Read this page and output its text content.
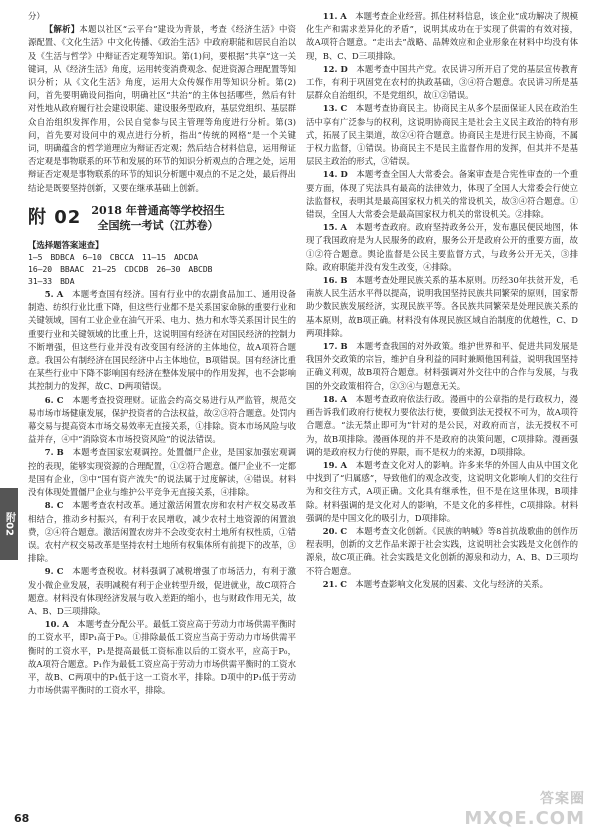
分）

【解析】本题以社区“云平台”建设为背景，考查《经济生活》中资源配置、《文化生活》中文化传播、《政治生活》中政府职能和居民自治以及《生活与哲学》中辩证否定观等知识。第(1)问，要根据“共享”这一关键词，从《经济生活》角度，运用转变消费观念、促进资源合理配置等知识分析；从《文化生活》角度，运用大众传媒作用等知识分析。第(2)问，首先要明确设问指向，明确社区“共治”的主体包括哪些，然后有针对性地从政府履行社会建设职能、建设服务型政府，基层党组织、基层群众自治组织发挥作用，公民自觉参与民主管理等角度进行分析。第(3)问，首先要对设问中的观点进行分析，指出“传统的网格”是一个关键词，明确蕴含的哲学道理应为辩证否定观；然后结合材料信息，运用辩证否定观是事物联系的环节和发展的环节的知识分析观点的合理之处，运用辩证否定观是事物联系的环节的知识分析题中观点的不足之处，最后得出结论是既要坚持创新，又要在继承基础上创新。

附 02 2018 年普通高等学校招生
全国统一考试（江苏卷）
【选择题答案速查】
1—5　BDBCA　6—10　CBCCA　11—15　ADCDA
16—20　BBAAC　21—25　CDCDB　26—30　ABCDB
31—33　BDA

5. A　 本题考查国有经济。国有行业中的农副食品加工、通用设备制造、纺织行业比重下降，但这些行业都不是关系国家命脉的重要行业和关键领域，国有工业企业在油气开采、电力、热力和水等关系国计民生的重要行业和关键领域的比重上升，这说明国有经济在对国民经济的控制力不断增强，但这些行业并没有改变国有经济的主体地位，故A项符合题意。我国公有制经济在国民经济中占主体地位，B项错误。国有经济比重在某些行业中下降不影响国有经济在整体发展中的作用发挥，也不会影响其控制力的发挥，故C、D两项错误。

6. C　 本题考查投资理财。证监会约高交易进行从严监管，规范交易市场市场健康发展，保护投资者的合法权益，故②③符合题意。处罚内幕交易与提高资本市场交易效率无直接关系，①排除。资本市场风险与收益并存，④中“消除资本市场投资风险”的说法错误。

7. B　 本题考查国家宏观调控。处置僵尸企业，是国家加强宏观调控的表现，能够实现资源的合理配置，①②符合题意。僵尸企业不一定都是国有企业，③中“国有资产流失”的说法属于过度解读，④错误。材料没有体现处置僵尸企业与维护公平竞争无直接关系，④排除。

8. C　 本题考查农村改革。通过激活闲置农房和农村产权交易改革相结合，推动乡村振兴，有利于农民增收，减少农村土地资源的闲置浪费，②④符合题意。激活闲置农房并不会改变农村土地所有权性质，①错误。农村产权交易改革是坚持农村土地所有权集体所有前提下的改革，③排除。

9. C　 本题考查税收。材料强调了减税增强了市场活力，有利于激发小微企业发展，表明减税有利于企业转型升级，促进就业，故C项符合题意。材料没有体现经济发展与收入差距的缩小，也与财政作用无关，故A、B、D三项排除。

10. A　 本题考查分配公平。最低工资应高于劳动力市场供需平衡时的工资水平，即P₁高于P₀。①排除最低工资应当高于劳动力市场供需平衡时的工资水平，P₁是提高最低工资标准以后的工资水平，应高于P₀，故A项符合题意。P₁作为最低工资应高于劳动力市场供需平衡时的工资水平，故B、C两项中的P₁低于这一工资水平，排除。D项中的P₁低于劳动力市场供需平衡时的工资水平，排除。

11. A　 本题考查企业经营。抓住材料信息，该企业“成功解决了规模化生产和需求差异化的矛盾”，说明其成功在于实现了供需的有效对接，故A项符合题意。“走出去”战略、品牌效应和企业形象在材料中均没有体现，B、C、D三项排除。

12. D　 本题考查中国共产党。农民讲习所开启了党的基层宣传教育工作，有利于巩固党在农村的执政基础，③④符合题意。农民讲习所是基层群众自治组织，不是党组织，故①②错误。

13. C　 本题考查协商民主。协商民主从多个层面保证人民在政治生活中享有广泛参与的权利，这说明协商民主是社会主义民主政治的特有形式，拓展了民主渠道，故②④符合题意。协商民主是进行民主协商，不属于权力监督，①错误。协商民主不是民主监督作用的发挥，但其并不是基层民主政治的形式，③错误。

14. D　 本题考查全国人大常委会。备案审查是合宪性审查的一个重要方面，体现了宪法具有最高的法律效力，体现了全国人大常委会行使立法监督权，表明其是最高国家权力机关的常设机关，故③④符合题意。①错误，全国人大常委会是最高国家权力机关的常设机关。②排除。

15. A　 本题考查政府。政府坚持政务公开，发布惠民便民地图，体现了我国政府是为人民服务的政府，服务公开是政府公开的重要方面，故①②符合题意。舆论监督是公民主要监督方式，与政务公开无关，③排除。政府职能并没有发生改变，④排除。

16. B　 本题考查处理民族关系的基本原则。历经30年扶贫开发，毛南族人民生活水平得以提高，说明我国坚持民族共同繁荣的原则，国家帮助少数民族发展经济，实现民族平等。各民族共同繁荣是处理民族关系的基本原则，故B项正确。材料没有体现民族区域自治制度的优越性，C、D两项排除。

17. B　 本题考查我国的对外政策。维护世界和平、促进共同发展是我国外交政策的宗旨，维护自身利益的同时兼顾他国利益，说明我国坚持正确义利观，故B项符合题意。材料强调对外交往中的合作与发展，与我国的外交政策相符合，②③④与题意无关。

18. A　 本题考查政府依法行政。漫画中的公章指的是行政权力，漫画告诉我们政府行使权力要依法行使，要做到法无授权不可为，故A项符合题意。“法无禁止即可为”针对的是公民，对政府而言，法无授权不可为，故B项排除。漫画体现的并不是政府的决策问题，C项排除。漫画强调的是政府权力行使的界限，而不是权力的来源，D项排除。

19. A　 本题考查文化对人的影响。许多来华的外国人由从中国文化中找到了“归属感”，导致他们的观念改变，这说明文化影响人们的交往行为和交往方式，A项正确。文化具有继承性，但不是在这里体现，B项排除。材料强调的是文化对人的影响，不是文化的多样性，C项排除。材料强调的是中国文化的吸引力，D项排除。

20. C　 本题考查文化创新。《民族的呐喊》等8首抗战歌曲的创作历程表明，创新的文艺作品来源于社会实践，这说明社会实践是文化创作的源泉，故C项正确。社会实践是文化创新的源泉和动力，A、B、D三项均不符合题意。

21. C　 本题考查影响文化发展的因素、文化与经济的关系。

附02
68
答案圈
MXQE.COM
